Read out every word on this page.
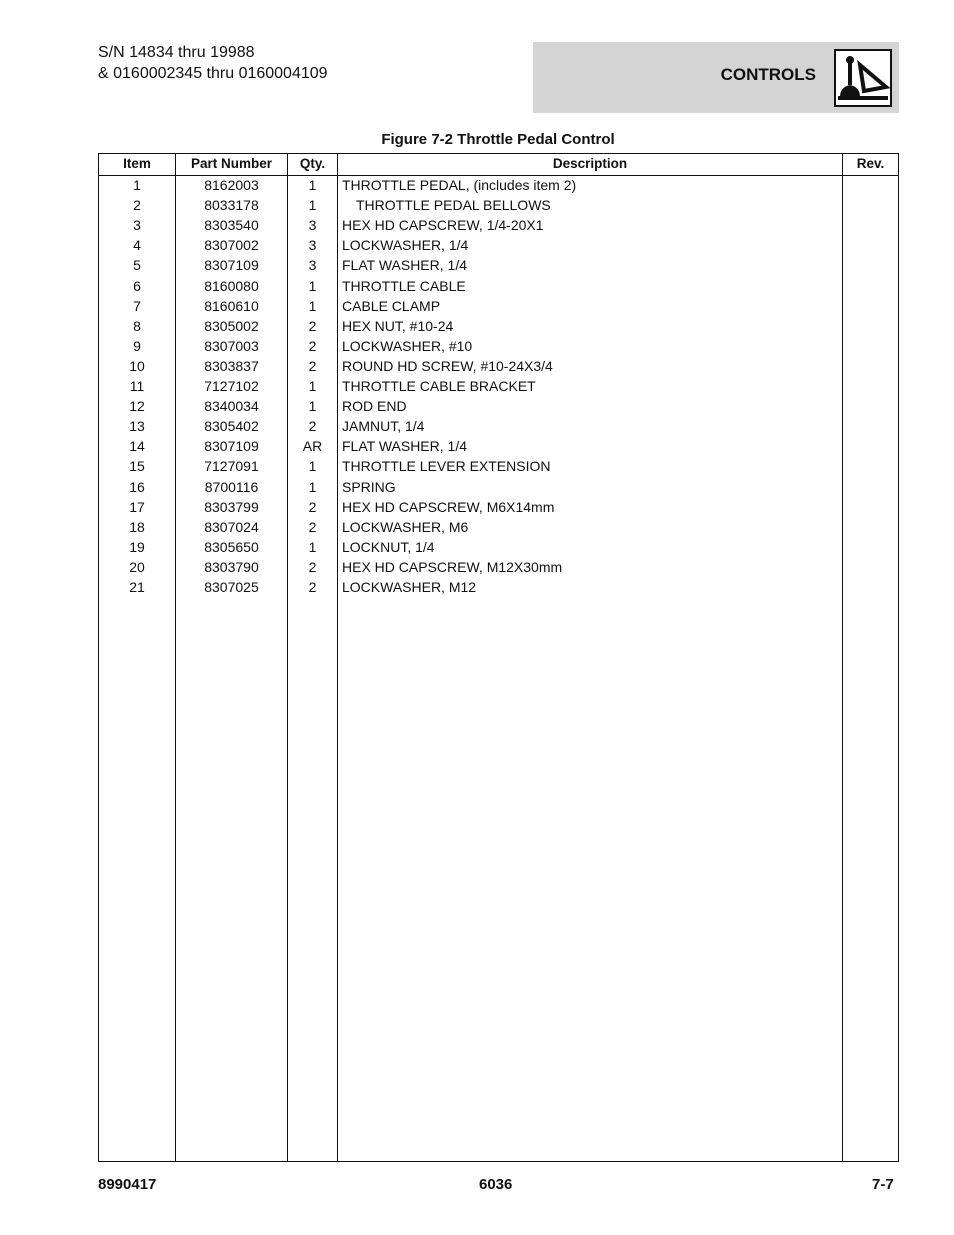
S/N 14834 thru 19988
& 0160002345 thru 0160004109	CONTROLS
Figure 7-2 Throttle Pedal Control
Item	Part Number	Qty.	Description	Rev.
1	8162003	1	THROTTLE PEDAL, (includes item 2)
2	8033178	1	THROTTLE PEDAL BELLOWS
3	8303540	3	HEX HD CAPSCREW, 1/4-20X1
4	8307002	3	LOCKWASHER, 1/4
5	8307109	3	FLAT WASHER, 1/4
6	8160080	1	THROTTLE CABLE
7	8160610	1	CABLE CLAMP
8	8305002	2	HEX NUT, #10-24
9	8307003	2	LOCKWASHER, #10
10	8303837	2	ROUND HD SCREW, #10-24X3/4
11	7127102	1	THROTTLE CABLE BRACKET
12	8340034	1	ROD END
13	8305402	2	JAMNUT, 1/4
14	8307109	AR	FLAT WASHER, 1/4
15	7127091	1	THROTTLE LEVER EXTENSION
16	8700116	1	SPRING
17	8303799	2	HEX HD CAPSCREW, M6X14mm
18	8307024	2	LOCKWASHER, M6
19	8305650	1	LOCKNUT, 1/4
20	8303790	2	HEX HD CAPSCREW, M12X30mm
21	8307025	2	LOCKWASHER, M12
8990417	6036	7-7
